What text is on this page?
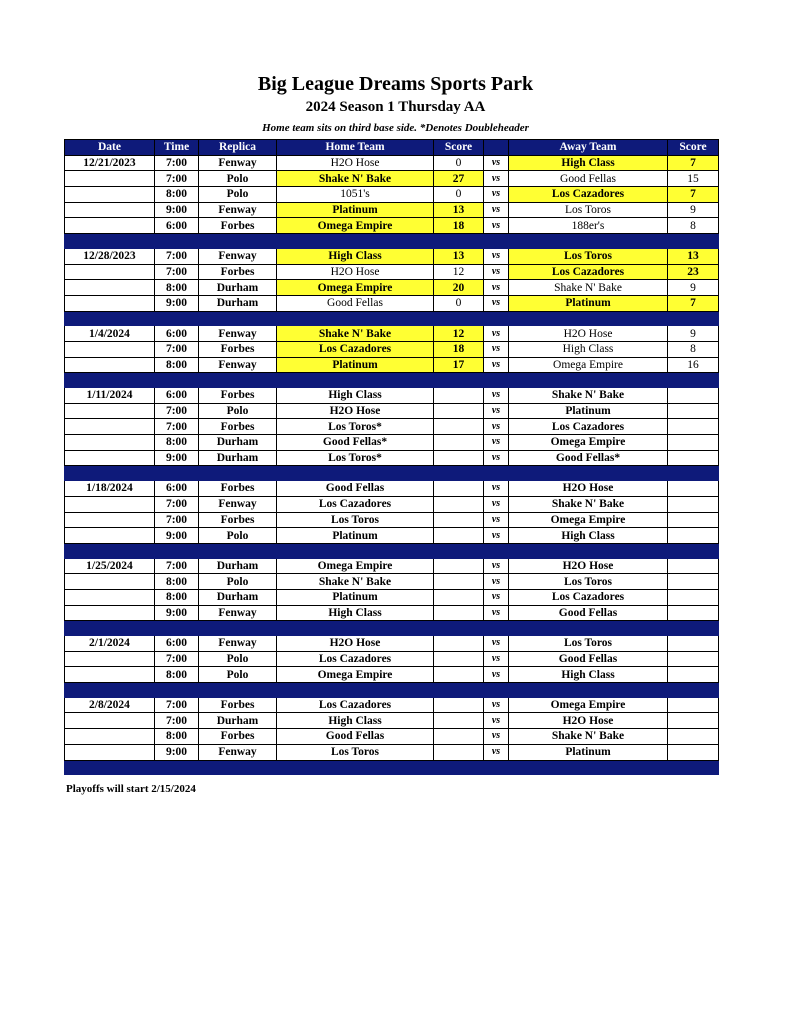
Big League Dreams Sports Park
2024 Season 1 Thursday AA
Home team sits on third base side. *Denotes Doubleheader
Date	Time	Replica	Home Team	Score		Away Team	Score
12/21/2023	7:00	Fenway	H2O Hose	0	vs	High Class	7
	7:00	Polo	Shake N' Bake	27	vs	Good Fellas	15
	8:00	Polo	1051's	0	vs	Los Cazadores	7
	9:00	Fenway	Platinum	13	vs	Los Toros	9
	6:00	Forbes	Omega Empire	18	vs	188er's	8

12/28/2023	7:00	Fenway	High Class	13	vs	Los Toros	13
	7:00	Forbes	H2O Hose	12	vs	Los Cazadores	23
	8:00	Durham	Omega Empire	20	vs	Shake N' Bake	9
	9:00	Durham	Good Fellas	0	vs	Platinum	7

1/4/2024	6:00	Fenway	Shake N' Bake	12	vs	H2O Hose	9
	7:00	Forbes	Los Cazadores	18	vs	High Class	8
	8:00	Fenway	Platinum	17	vs	Omega Empire	16

1/11/2024	6:00	Forbes	High Class		vs	Shake N' Bake	
	7:00	Polo	H2O Hose		vs	Platinum	
	7:00	Forbes	Los Toros*		vs	Los Cazadores	
	8:00	Durham	Good Fellas*		vs	Omega Empire	
	9:00	Durham	Los Toros*		vs	Good Fellas*	

1/18/2024	6:00	Forbes	Good Fellas		vs	H2O Hose	
	7:00	Fenway	Los Cazadores		vs	Shake N' Bake	
	7:00	Forbes	Los Toros		vs	Omega Empire	
	9:00	Polo	Platinum		vs	High Class	

1/25/2024	7:00	Durham	Omega Empire		vs	H2O Hose	
	8:00	Polo	Shake N' Bake		vs	Los Toros	
	8:00	Durham	Platinum		vs	Los Cazadores	
	9:00	Fenway	High Class		vs	Good Fellas	

2/1/2024	6:00	Fenway	H2O Hose		vs	Los Toros	
	7:00	Polo	Los Cazadores		vs	Good Fellas	
	8:00	Polo	Omega Empire		vs	High Class	

2/8/2024	7:00	Forbes	Los Cazadores		vs	Omega Empire	
	7:00	Durham	High Class		vs	H2O Hose	
	8:00	Forbes	Good Fellas		vs	Shake N' Bake	
	9:00	Fenway	Los Toros		vs	Platinum	

Playoffs will start 2/15/2024
